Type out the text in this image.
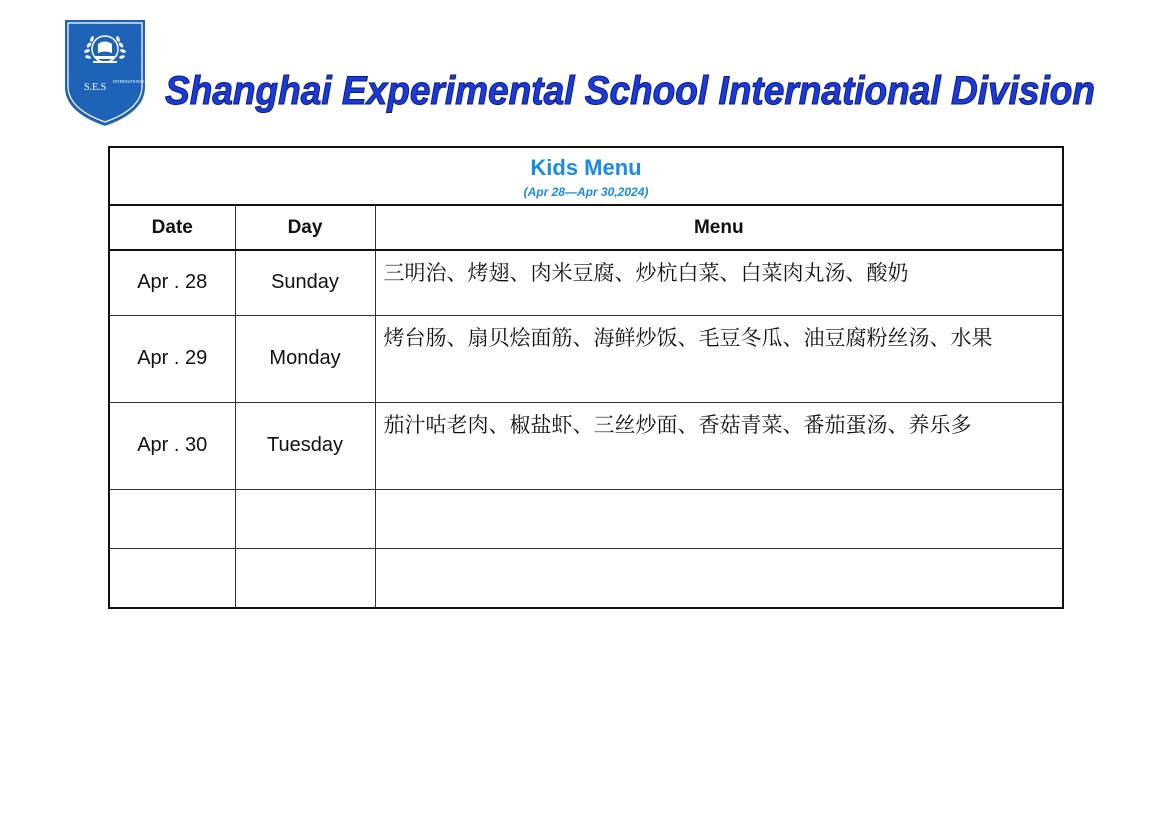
S.E.S
INTERNATIONAL DIVISION Shanghai Experimental School International Division
Kids Menu
(Apr 28—Apr 30,2024)		

Date	Day	Menu
Apr . 28	Sunday	三明治、烤翅、肉米豆腐、炒杭白菜、白菜肉丸汤、酸奶
Apr . 29	Monday	烤台肠、扇贝烩面筋、海鲜炒饭、毛豆冬瓜、油豆腐粉丝汤、水果
Apr . 30	Tuesday	茄汁咕老肉、椒盐虾、三丝炒面、香菇青菜、番茄蛋汤、养乐多
